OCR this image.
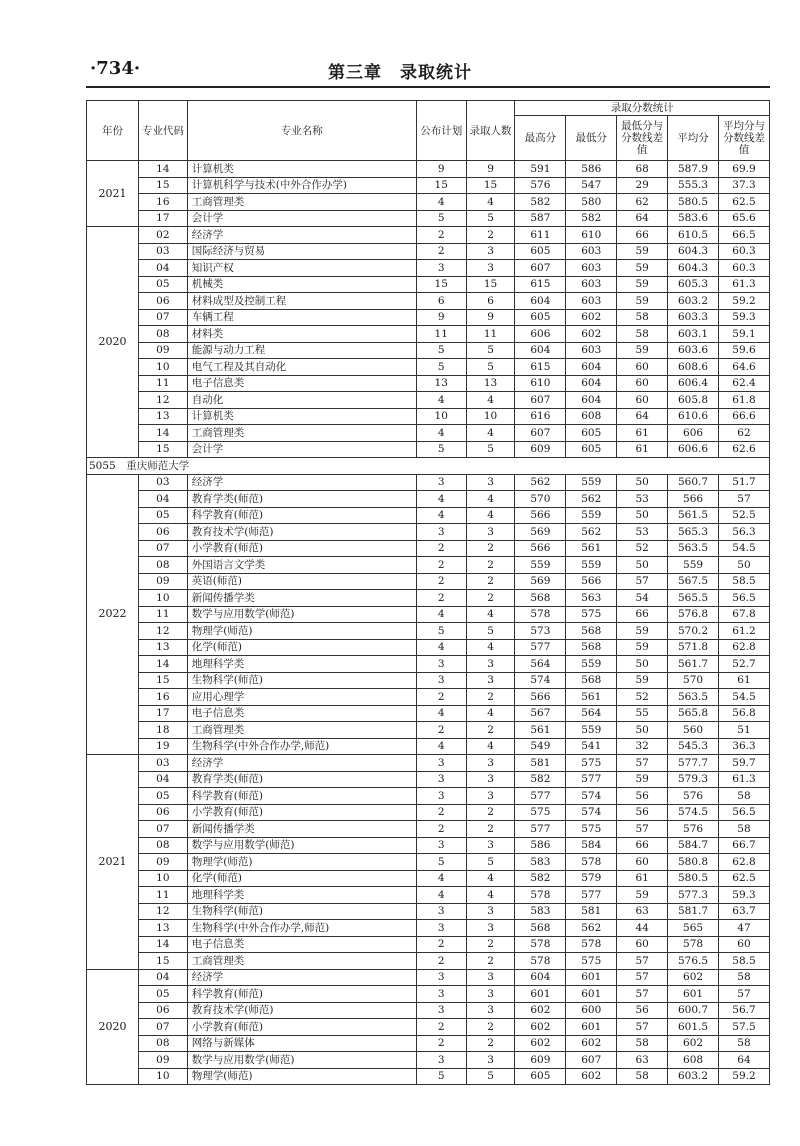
·734·	第三章　录取统计
年份	专业代码	专业名称	公布计划	录取人数	录取分数统计				
					最高分	最低分	最低分与分数线差值	平均分	平均分与分数线差值
2021	14	计算机类	9	9	591	586	68	587.9	69.9
	15	计算机科学与技术(中外合作办学)	15	15	576	547	29	555.3	37.3
	16	工商管理类	4	4	582	580	62	580.5	62.5
	17	会计学	5	5	587	582	64	583.6	65.6
2020	02	经济学	2	2	611	610	66	610.5	66.5
	03	国际经济与贸易	2	3	605	603	59	604.3	60.3
	04	知识产权	3	3	607	603	59	604.3	60.3
	05	机械类	15	15	615	603	59	605.3	61.3
	06	材料成型及控制工程	6	6	604	603	59	603.2	59.2
	07	车辆工程	9	9	605	602	58	603.3	59.3
	08	材料类	11	11	606	602	58	603.1	59.1
	09	能源与动力工程	5	5	604	603	59	603.6	59.6
	10	电气工程及其自动化	5	5	615	604	60	608.6	64.6
	11	电子信息类	13	13	610	604	60	606.4	62.4
	12	自动化	4	4	607	604	60	605.8	61.8
	13	计算机类	10	10	616	608	64	610.6	66.6
	14	工商管理类	4	4	607	605	61	606	62
	15	会计学	5	5	609	605	61	606.6	62.6
5055　重庆师范大学									
2022	03	经济学	3	3	562	559	50	560.7	51.7
	04	教育学类(师范)	4	4	570	562	53	566	57
	05	科学教育(师范)	4	4	566	559	50	561.5	52.5
	06	教育技术学(师范)	3	3	569	562	53	565.3	56.3
	07	小学教育(师范)	2	2	566	561	52	563.5	54.5
	08	外国语言文学类	2	2	559	559	50	559	50
	09	英语(师范)	2	2	569	566	57	567.5	58.5
	10	新闻传播学类	2	2	568	563	54	565.5	56.5
	11	数学与应用数学(师范)	4	4	578	575	66	576.8	67.8
	12	物理学(师范)	5	5	573	568	59	570.2	61.2
	13	化学(师范)	4	4	577	568	59	571.8	62.8
	14	地理科学类	3	3	564	559	50	561.7	52.7
	15	生物科学(师范)	3	3	574	568	59	570	61
	16	应用心理学	2	2	566	561	52	563.5	54.5
	17	电子信息类	4	4	567	564	55	565.8	56.8
	18	工商管理类	2	2	561	559	50	560	51
	19	生物科学(中外合作办学,师范)	4	4	549	541	32	545.3	36.3
2021	03	经济学	3	3	581	575	57	577.7	59.7
	04	教育学类(师范)	3	3	582	577	59	579.3	61.3
	05	科学教育(师范)	3	3	577	574	56	576	58
	06	小学教育(师范)	2	2	575	574	56	574.5	56.5
	07	新闻传播学类	2	2	577	575	57	576	58
	08	数学与应用数学(师范)	3	3	586	584	66	584.7	66.7
	09	物理学(师范)	5	5	583	578	60	580.8	62.8
	10	化学(师范)	4	4	582	579	61	580.5	62.5
	11	地理科学类	4	4	578	577	59	577.3	59.3
	12	生物科学(师范)	3	3	583	581	63	581.7	63.7
	13	生物科学(中外合作办学,师范)	3	3	568	562	44	565	47
	14	电子信息类	2	2	578	578	60	578	60
	15	工商管理类	2	2	578	575	57	576.5	58.5
2020	04	经济学	3	3	604	601	57	602	58
	05	科学教育(师范)	3	3	601	601	57	601	57
	06	教育技术学(师范)	3	3	602	600	56	600.7	56.7
	07	小学教育(师范)	2	2	602	601	57	601.5	57.5
	08	网络与新媒体	2	2	602	602	58	602	58
	09	数学与应用数学(师范)	3	3	609	607	63	608	64
	10	物理学(师范)	5	5	605	602	58	603.2	59.2
